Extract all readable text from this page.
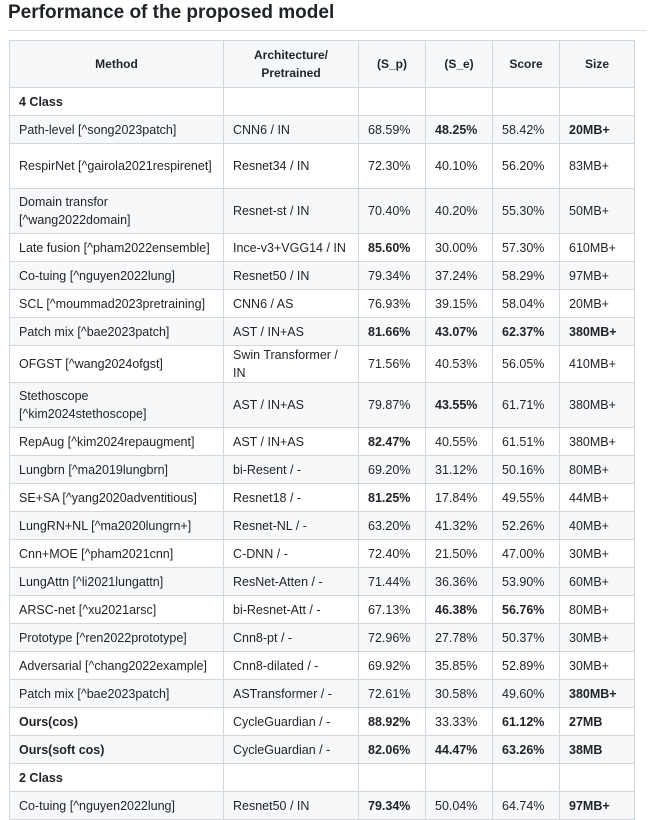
Performance of the proposed model
Method	Architecture/ Pretrained	(S_p)	(S_e)	Score	Size
4 Class					
Path-level [^song2023patch]	CNN6 / IN	68.59%	48.25%	58.42%	20MB+
RespirNet [^gairola2021respirenet]	Resnet34 / IN	72.30%	40.10%	56.20%	83MB+
Domain transfor [^wang2022domain]	Resnet-st / IN	70.40%	40.20%	55.30%	50MB+
Late fusion [^pham2022ensemble]	Ince-v3+VGG14 / IN	85.60%	30.00%	57.30%	610MB+
Co-tuing [^nguyen2022lung]	Resnet50 / IN	79.34%	37.24%	58.29%	97MB+
SCL [^moummad2023pretraining]	CNN6 / AS	76.93%	39.15%	58.04%	20MB+
Patch mix [^bae2023patch]	AST / IN+AS	81.66%	43.07%	62.37%	380MB+
OFGST [^wang2024ofgst]	Swin Transformer / IN	71.56%	40.53%	56.05%	410MB+
Stethoscope [^kim2024stethoscope]	AST / IN+AS	79.87%	43.55%	61.71%	380MB+
RepAug [^kim2024repaugment]	AST / IN+AS	82.47%	40.55%	61.51%	380MB+
Lungbrn [^ma2019lungbrn]	bi-Resent / -	69.20%	31.12%	50.16%	80MB+
SE+SA [^yang2020adventitious]	Resnet18 / -	81.25%	17.84%	49.55%	44MB+
LungRN+NL [^ma2020lungrn+]	Resnet-NL / -	63.20%	41.32%	52.26%	40MB+
Cnn+MOE [^pham2021cnn]	C-DNN / -	72.40%	21.50%	47.00%	30MB+
LungAttn [^li2021lungattn]	ResNet-Atten / -	71.44%	36.36%	53.90%	60MB+
ARSC-net [^xu2021arsc]	bi-Resnet-Att / -	67.13%	46.38%	56.76%	80MB+
Prototype [^ren2022prototype]	Cnn8-pt / -	72.96%	27.78%	50.37%	30MB+
Adversarial [^chang2022example]	Cnn8-dilated / -	69.92%	35.85%	52.89%	30MB+
Patch mix [^bae2023patch]	ASTransformer / -	72.61%	30.58%	49.60%	380MB+
Ours(cos)	CycleGuardian / -	88.92%	33.33%	61.12%	27MB
Ours(soft cos)	CycleGuardian / -	82.06%	44.47%	63.26%	38MB
2 Class					
Co-tuing [^nguyen2022lung]	Resnet50 / IN	79.34%	50.04%	64.74%	97MB+
